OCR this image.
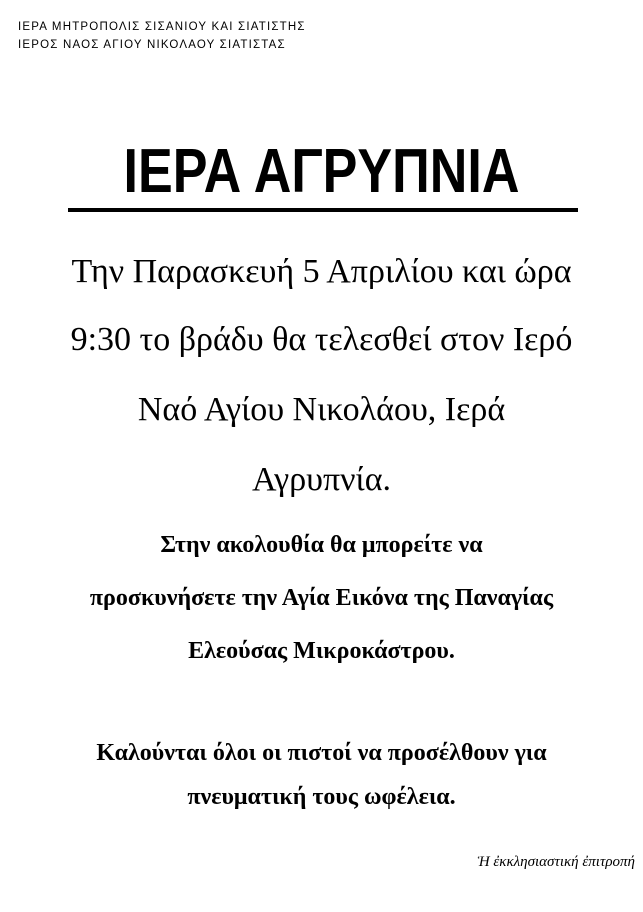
ΙΕΡΑ ΜΗΤΡΟΠΟΛΙΣ ΣΙΣΑΝΙΟΥ ΚΑΙ ΣΙΑΤΙΣΤΗΣ
ΙΕΡΟΣ ΝΑΟΣ ΑΓΙΟΥ ΝΙΚΟΛΑΟΥ ΣΙΑΤΙΣΤΑΣ
ΙΕΡΑ ΑΓΡΥΠΝΙΑ
Την Παρασκευή 5 Απριλίου και ώρα
9:30 το βράδυ θα τελεσθεί στον Ιερό
Ναό Αγίου Νικολάου, Ιερά
Αγρυπνία.
Στην ακολουθία θα μπορείτε να
προσκυνήσετε την Αγία Εικόνα της Παναγίας
Ελεούσας Μικροκάστρου.
Καλούνται όλοι οι πιστοί να προσέλθουν για
πνευματική τους ωφέλεια.
Ἡ ἐκκλησιαστική ἐπιτροπή
